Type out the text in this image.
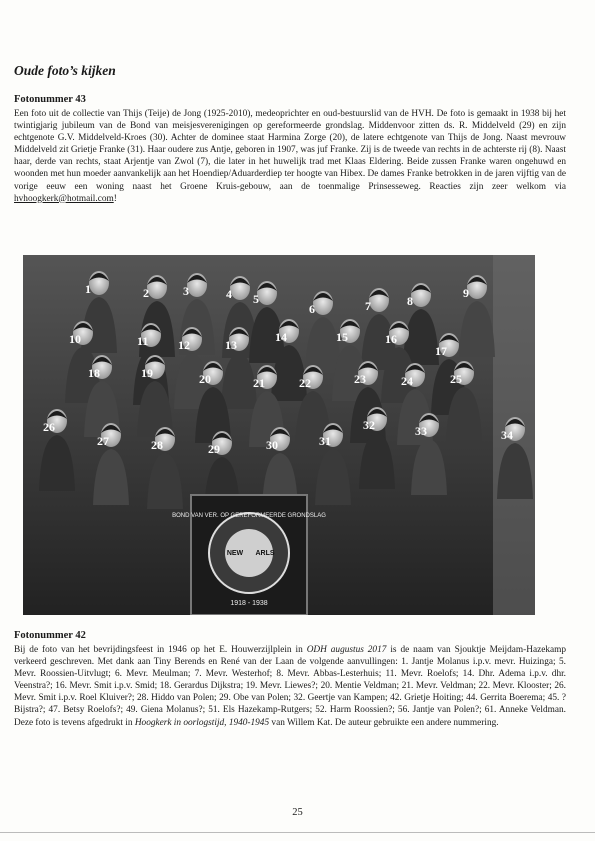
Oude foto’s kijken
Fotonummer 43

Een foto uit de collectie van Thijs (Teije) de Jong (1925-2010), medeoprichter en oud-bestuurslid van de HVH. De foto is gemaakt in 1938 bij het twintigjarig jubileum van de Bond van meisjesverenigingen op gereformeerde grondslag. Middenvoor zitten ds. R. Middelveld (29) en zijn echtgenote G.V. Middelveld-Kroes (30). Achter de dominee staat Harmina Zorge (20), de latere echtgenote van Thijs de Jong. Naast mevrouw Middelveld zit Grietje Franke (31). Haar oudere zus Antje, geboren in 1907, was juf Franke. Zij is de tweede van rechts in de achterste rij (8). Naast haar, derde van rechts, staat Arjentje van Zwol (7), die later in het huwelijk trad met Klaas Eldering. Beide zussen Franke waren ongehuwd en woonden met hun moeder aanvankelijk aan het Hoendiep/Aduarderdiep ter hoogte van Hibex. De dames Franke betrokken in de jaren vijftig van de vorige eeuw een woning naast het Groene Kruis-gebouw, aan de toenmalige Prinsesseweg. Reacties zijn zeer welkom via hvhoogkerk@hotmail.com!

BOND VAN VER. OP GEREFORMEERDE GRONDSLAG
NEW ARLS
1918 - 1938
1	2	3	4 5
6	7	8
9
10	11 12	13
14	15	16
17
18	19	20	21	22	23	24	25
26
27	28	29	30	31
32	33	34
Fotonummer 42

Bij de foto van het bevrijdingsfeest in 1946 op het E. Houwerzijlplein in ODH augustus 2017 is de naam van Sjouktje Meijdam-Hazekamp verkeerd geschreven. Met dank aan Tiny Berends en René van der Laan de volgende aanvullingen: 1. Jantje Molanus i.p.v. mevr. Huizinga; 5. Mevr. Roossien-Uitvlugt; 6. Mevr. Meulman; 7. Mevr. Westerhof; 8. Mevr. Abbas-Lesterhuis; 11. Mevr. Roelofs; 14. Dhr. Adema i.p.v. dhr. Veenstra?; 16. Mevr. Smit i.p.v. Smid; 18. Gerardus Dijkstra; 19. Mevr. Liewes?; 20. Mentie Veldman; 21. Mevr. Veldman; 22. Mevr. Klooster; 26. Mevr. Smit i.p.v. Roel Kluiver?; 28. Hiddo van Polen; 29. Obe van Polen; 32. Geertje van Kampen; 42. Grietje Hoiting; 44. Gerrita Boerema; 45. ? Bijstra?; 47. Betsy Roelofs?; 49. Giena Molanus?; 51. Els Hazekamp-Rutgers; 52. Harm Roossien?; 56. Jantje van Polen?; 61. Anneke Veldman. Deze foto is tevens afgedrukt in Hoogkerk in oorlogstijd, 1940-1945 van Willem Kat. De auteur gebruikte een andere nummering.

25
